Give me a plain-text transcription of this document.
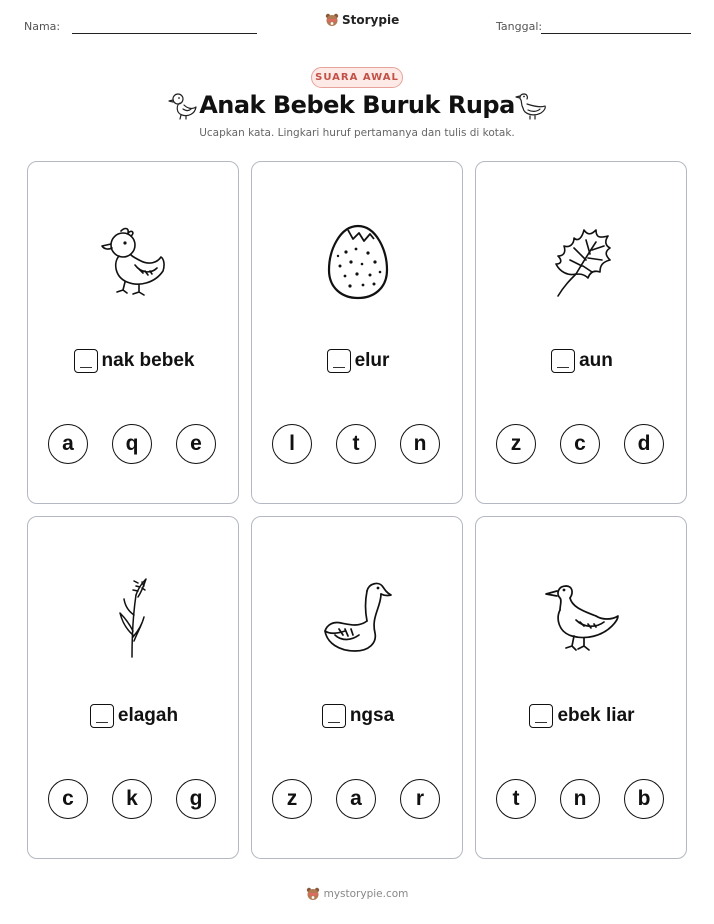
Nama:	Storypie	Tanggal:
SUARA AWAL
Anak Bebek Buruk Rupa
Ucapkan kata. Lingkari huruf pertamanya dan tulis di kotak.
nak bebek
a	q	e
elur
l	t	n
aun
z	c	d
elagah
c	k	g
ngsa
z	a	r
ebek liar
t	n	b
mystorypie.com
